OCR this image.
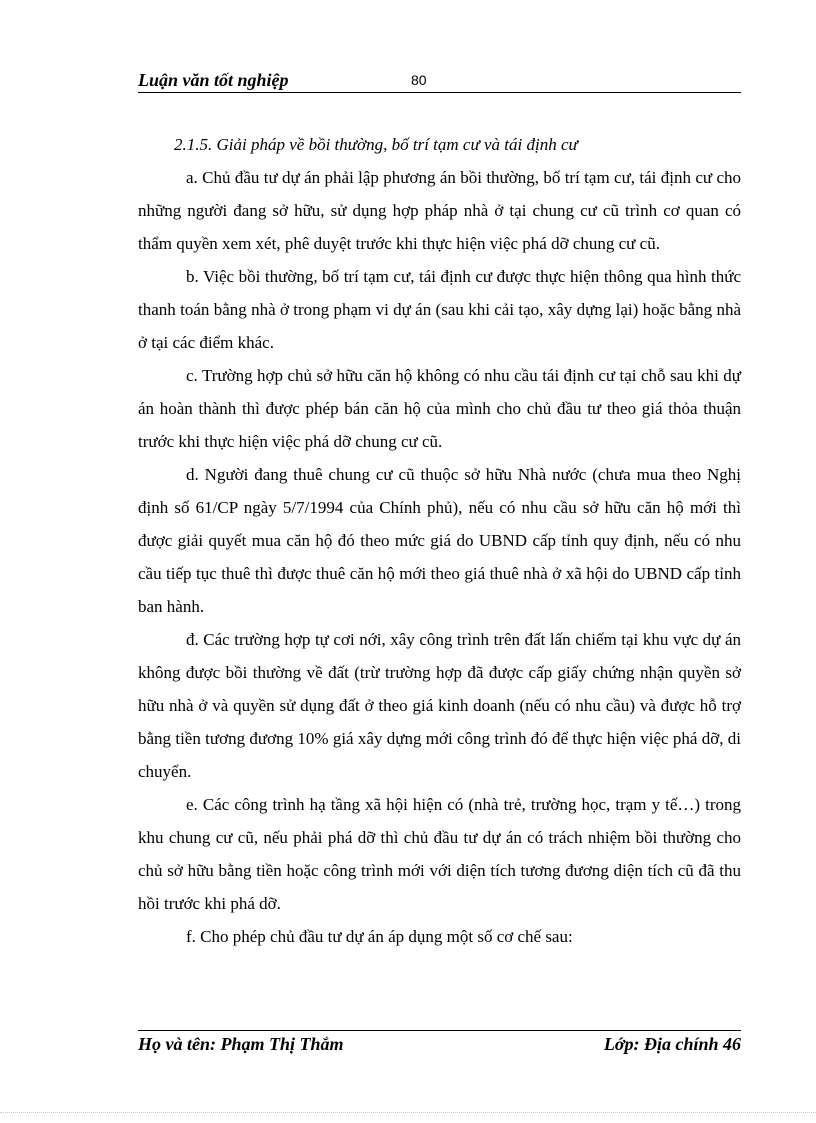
Luận văn tốt nghiệp	80

2.1.5. Giải pháp về bồi thường, bố trí tạm cư và tái định cư

a. Chủ đầu tư dự án phải lập phương án bồi thường, bố trí tạm cư, tái định cư cho những người đang sở hữu, sử dụng hợp pháp nhà ở tại chung cư cũ trình cơ quan có thẩm quyền xem xét, phê duyệt trước khi thực hiện việc phá dỡ chung cư cũ.

b. Việc bồi thường, bố trí tạm cư, tái định cư được thực hiện thông qua hình thức thanh toán bằng nhà ở trong phạm vi dự án (sau khi cải tạo, xây dựng lại) hoặc bằng nhà ở tại các điểm khác.

c. Trường hợp chủ sở hữu căn hộ không có nhu cầu tái định cư tại chỗ sau khi dự án hoàn thành thì được phép bán căn hộ của mình cho chủ đầu tư theo giá thỏa thuận trước khi thực hiện việc phá dỡ chung cư cũ.

d. Người đang thuê chung cư cũ thuộc sở hữu Nhà nước (chưa mua theo Nghị định số 61/CP ngày 5/7/1994 của Chính phủ), nếu có nhu cầu sở hữu căn hộ mới thì được giải quyết mua căn hộ đó theo mức giá do UBND cấp tỉnh quy định, nếu có nhu cầu tiếp tục thuê thì được thuê căn hộ mới theo giá thuê nhà ở xã hội do UBND cấp tỉnh ban hành.

đ. Các trường hợp tự cơi nới, xây công trình trên đất lấn chiếm tại khu vực dự án không được bồi thường về đất (trừ trường hợp đã được cấp giấy chứng nhận quyền sở hữu nhà ở và quyền sử dụng đất ở theo giá kinh doanh (nếu có nhu cầu) và được hỗ trợ bằng tiền tương đương 10% giá xây dựng mới công trình đó để thực hiện việc phá dỡ, di chuyển.

e. Các công trình hạ tầng xã hội hiện có (nhà trẻ, trường học, trạm y tế…) trong khu chung cư cũ, nếu phải phá dỡ thì chủ đầu tư dự án có trách nhiệm bồi thường cho chủ sở hữu bằng tiền hoặc công trình mới với diện tích tương đương diện tích cũ đã thu hồi trước khi phá dỡ.

f. Cho phép chủ đầu tư dự án áp dụng một số cơ chế sau:

Họ và tên: Phạm Thị Thắm	Lớp: Địa chính 46
